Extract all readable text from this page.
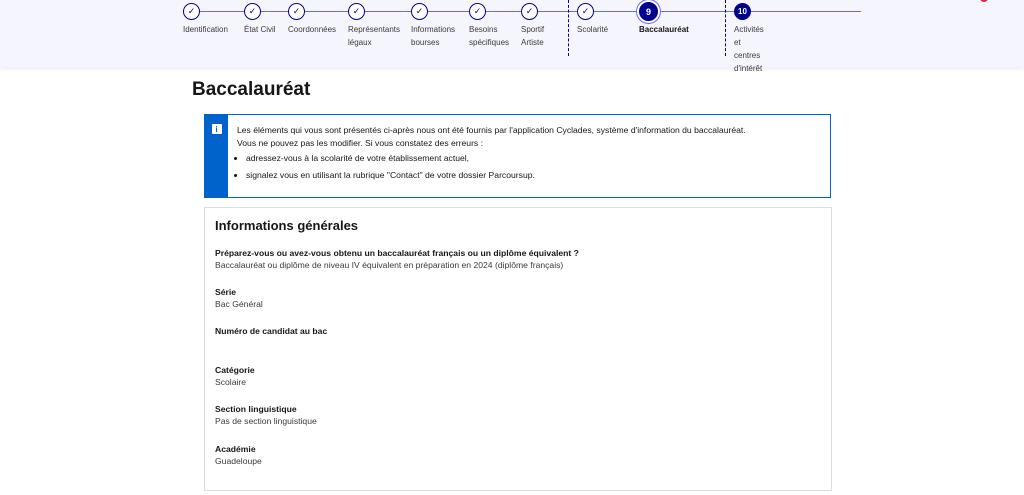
✓
Identification
✓
État Civil
✓
Coordonnées
✓
Représentants
légaux
✓
Informations
bourses
✓
Besoins
spécifiques
✓
Sportif
Artiste
✓
Scolarité
9
Baccalauréat
10
Activités et
centres d'intérêt
Baccalauréat
i	Les éléments qui vous sont présentés ci-après nous ont été fournis par l'application Cyclades, système d'information du baccalauréat.
Vous ne pouvez pas les modifier. Si vous constatez des erreurs :
• adressez-vous à la scolarité de votre établissement actuel,
• signalez vous en utilisant la rubrique "Contact" de votre dossier Parcoursup.
Informations générales
Préparez-vous ou avez-vous obtenu un baccalauréat français ou un diplôme équivalent ?
Baccalauréat ou diplôme de niveau IV équivalent en préparation en 2024 (diplôme français)
Série
Bac Général
Numéro de candidat au bac
Catégorie
Scolaire
Section linguistique
Pas de section linguistique
Académie
Guadeloupe
